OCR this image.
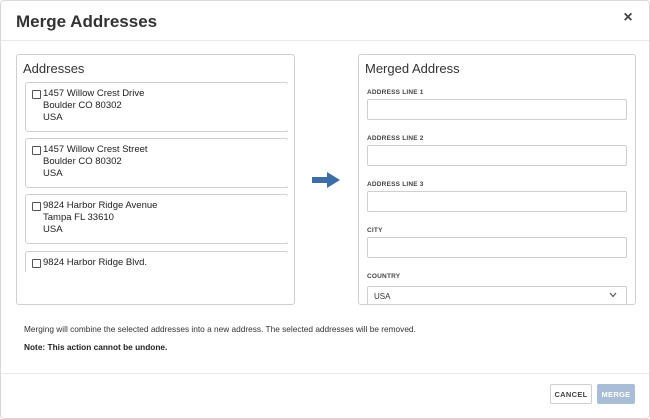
Merge Addresses	×
Addresses
1457 Willow Crest Drive
Boulder CO 80302
USA
1457 Willow Crest Street
Boulder CO 80302
USA
9824 Harbor Ridge Avenue
Tampa FL 33610
USA
9824 Harbor Ridge Blvd.
Merged Address
ADDRESS LINE 1
ADDRESS LINE 2
ADDRESS LINE 3
CITY
COUNTRY
USA
Merging will combine the selected addresses into a new address. The selected addresses will be removed.
Note: This action cannot be undone.
CANCEL	MERGE
